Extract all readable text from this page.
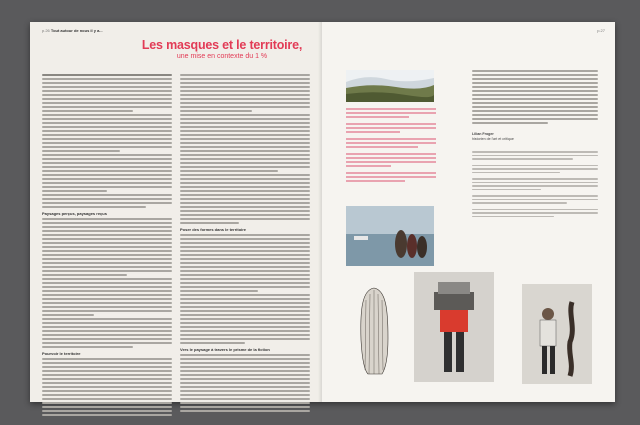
p.26 Tout autour de nous il y a...
Les masques et le territoire,
une mise en contexte du 1 %
Paysages perçus, paysages reçus
Pourvoir le territoire
Poser des formes dans le territoire
Vers le paysage à travers le prisme de la fiction
p.27
Lilian Froger
historien de l'art et critique
